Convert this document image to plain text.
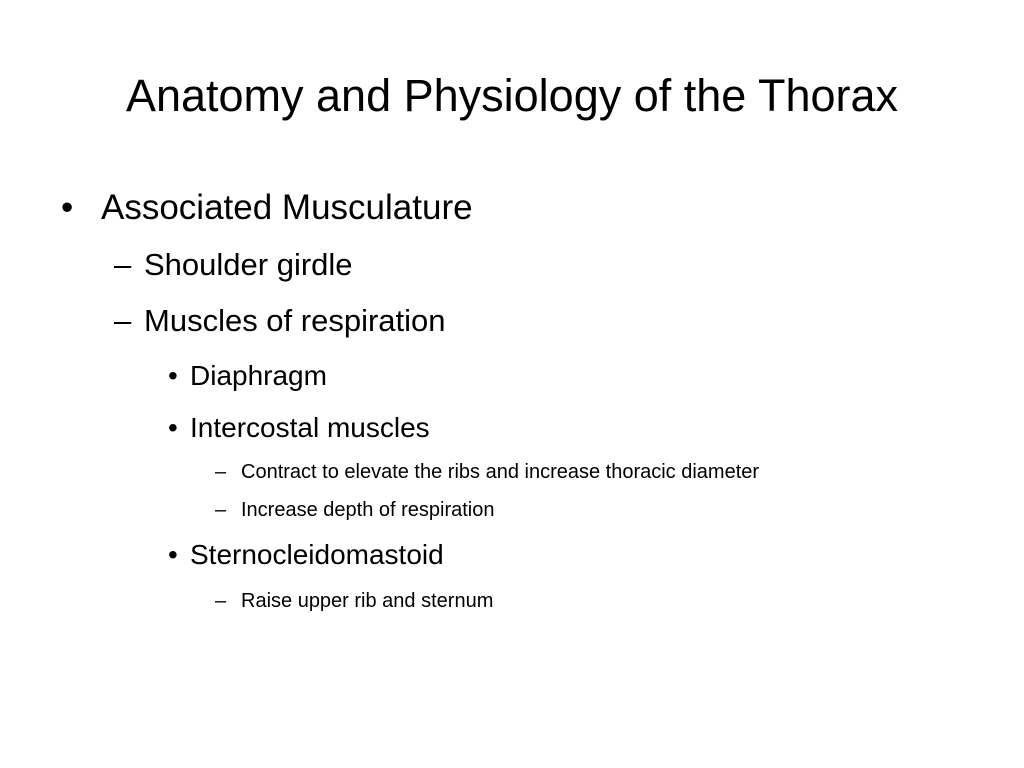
Anatomy and Physiology of the Thorax
• Associated Musculature
– Shoulder girdle
– Muscles of respiration
• Diaphragm
• Intercostal muscles
– Contract to elevate the ribs and increase thoracic diameter
– Increase depth of respiration
• Sternocleidomastoid
– Raise upper rib and sternum
